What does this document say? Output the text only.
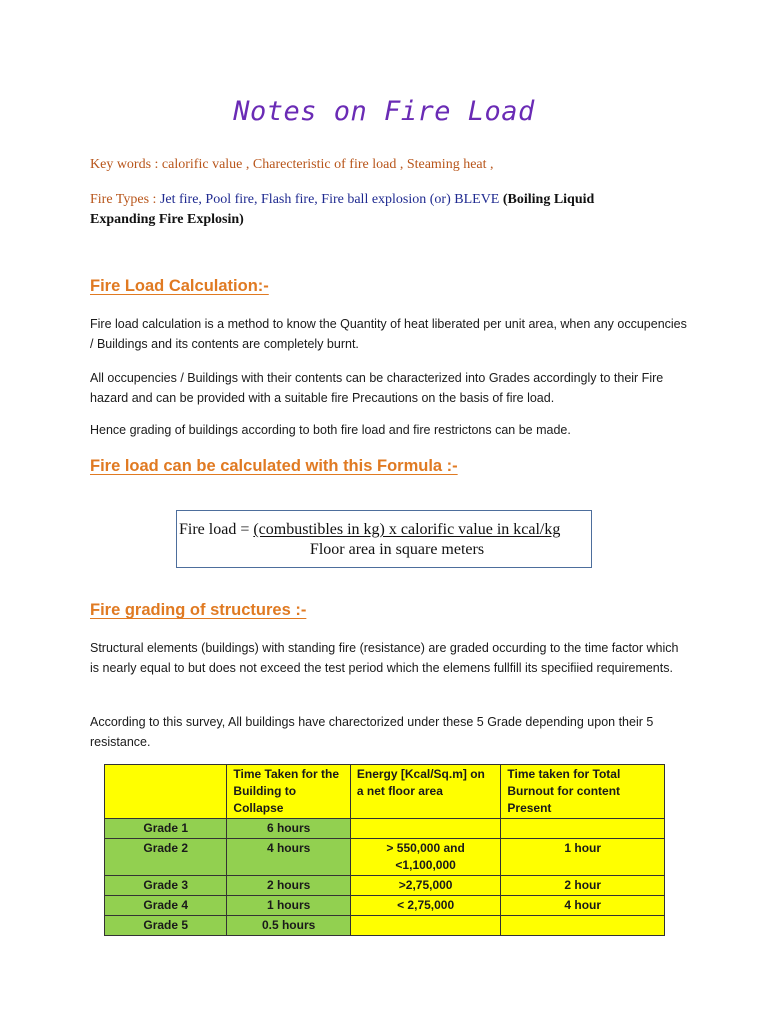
Notes on Fire Load
Key words : calorific value , Charecteristic of fire load , Steaming heat ,
Fire Types : Jet fire, Pool fire, Flash fire, Fire ball explosion (or) BLEVE (Boiling Liquid Expanding Fire Explosin)
Fire Load Calculation:-
Fire load calculation is a method to know the Quantity of heat liberated per unit area, when any occupencies / Buildings and its contents are completely burnt.
All occupencies / Buildings with their contents can be characterized into Grades accordingly to their Fire hazard and can be provided with a suitable fire Precautions on the basis of fire load.
Hence grading of buildings according to both fire load and fire restrictons can be made.
Fire load can be calculated with this Formula :-
Fire load = (combustibles in kg) x calorific value in kcal/kg
Floor area in square meters
Fire grading of structures :-
Structural elements (buildings) with standing fire (resistance) are graded occurding to the time factor which is nearly equal to but does not exceed the test period which the elemens fullfill its specifiied requirements.
According to this survey, All buildings have charectorized under these 5 Grade depending upon their 5 resistance.
	Time Taken for the Building to Collapse	Energy [Kcal/Sq.m] on a net floor area	Time taken for Total Burnout for content Present
Grade 1	6 hours		
Grade 2	4 hours	> 550,000 and <1,100,000	1 hour
Grade 3	2 hours	>2,75,000	2 hour
Grade 4	1 hours	< 2,75,000	4 hour
Grade 5	0.5 hours		
